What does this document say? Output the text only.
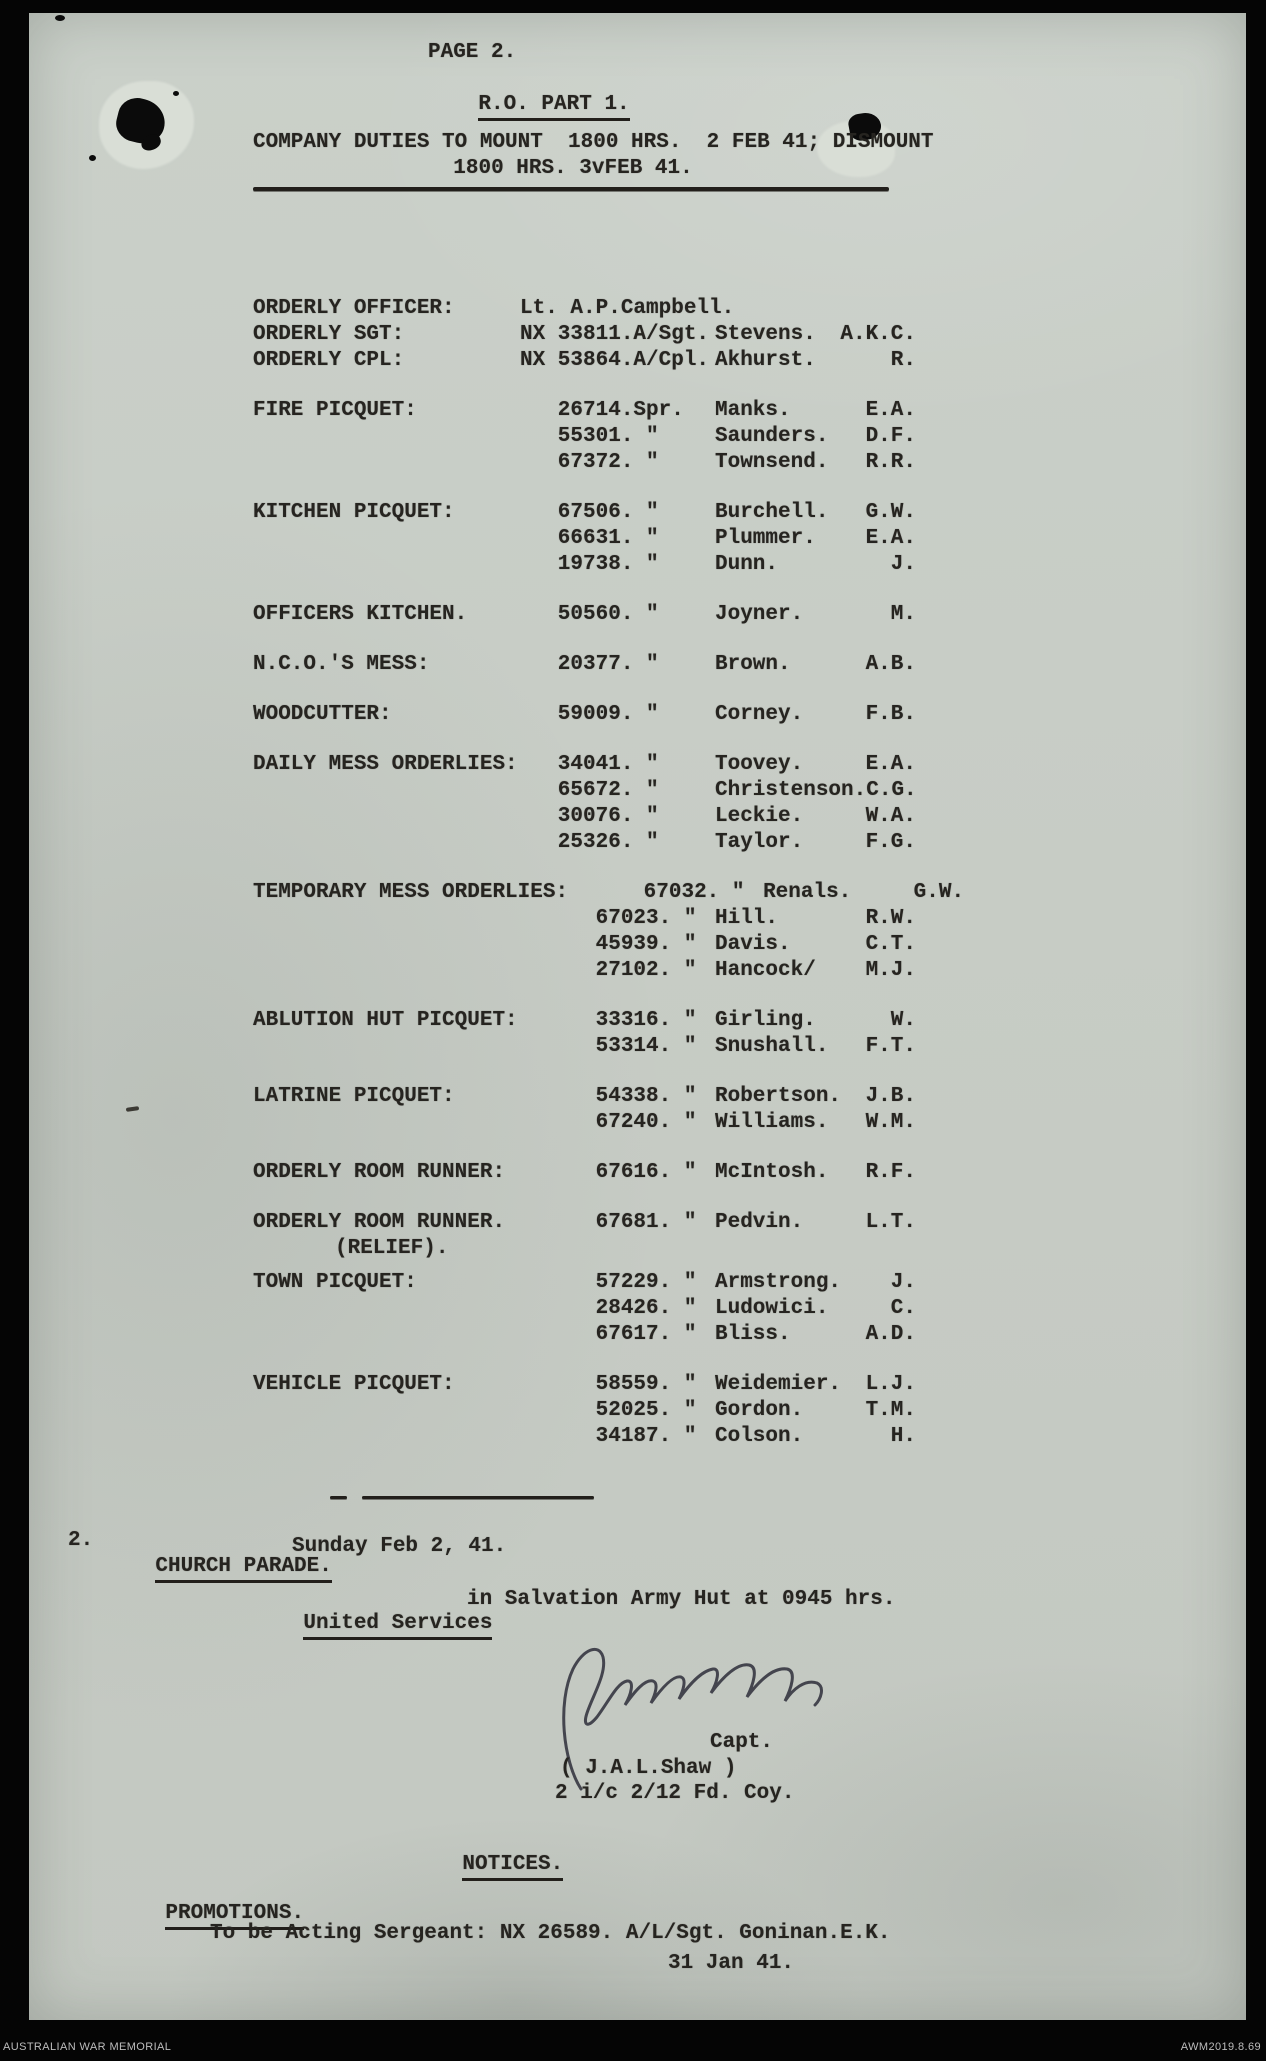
PAGE 2.

R.O. PART 1.

COMPANY DUTIES TO MOUNT  1800 HRS.  2 FEB 41; DISMOUNT
1800 HRS. 3vFEB 41.
ORDERLY OFFICER:	Lt. A.P.Campbell.
ORDERLY SGT:	NX 33811.A/Sgt. Stevens. A.K.C.
ORDERLY CPL:	NX 53864.A/Cpl. Akhurst.	R.
FIRE PICQUET:	26714.Spr.	Manks.	E.A.
55301. "	Saunders. D.F.
67372. "	Townsend. R.R.
KITCHEN PICQUET:	67506. "	Burchell. G.W.
66631. "	Plummer. E.A.
19738. "	Dunn.	J.
OFFICERS KITCHEN.	50560. "	Joyner.	M.
N.C.O.'S MESS:	20377. "	Brown.	A.B.
WOODCUTTER:	59009. "	Corney.	F.B.
DAILY MESS ORDERLIES: 34041. "	Toovey.	E.A.
65672. "	Christenson. C.G.
30076. "	Leckie.	W.A.
25326. "	Taylor.	F.G.
TEMPORARY MESS ORDERLIES: 67032. " Renals.	G.W.
67023. " Hill.	R.W.
45939. " Davis.	C.T.
27102. " Hancock/ M.J.
ABLUTION HUT PICQUET: 33316. " Girling.	W.
53314. " Snushall. F.T.
LATRINE PICQUET:	54338. " Robertson. J.B.
67240. " Williams. W.M.
ORDERLY ROOM RUNNER: 67616. " McIntosh. R.F.
ORDERLY ROOM RUNNER. 67681. " Pedvin.	L.T.
(RELIEF).
TOWN PICQUET:	57229. " Armstrong. J.
28426. " Ludowici.	C.
67617. " Bliss.	A.D.
VEHICLE PICQUET:	58559. " Weidemier. L.J.
52025. " Gordon.	T.M.
34187. " Colson.	H.
2.

CHURCH PARADE.

Sunday Feb 2, 41.

United Services

in Salvation Army Hut at 0945 hrs.
Capt.
( J.A.L.Shaw )
2 i/c 2/12 Fd. Coy.

NOTICES.

PROMOTIONS.

To be Acting Sergeant: NX 26589. A/L/Sgt. Goninan.E.K.
31 Jan 41.
AUSTRALIAN WAR MEMORIAL	AWM2019.8.69
